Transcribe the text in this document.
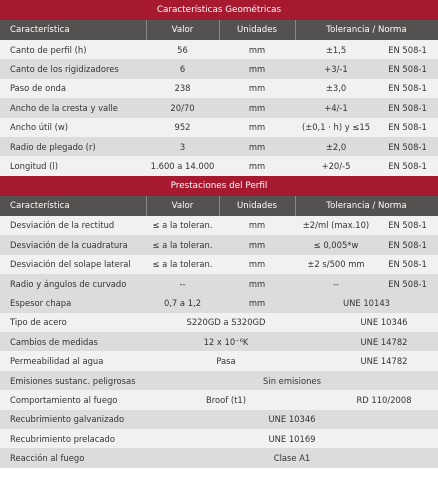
Características Geométricas
Característica	Valor	Unidades	Tolerancia / Norma
Canto de perfil (h)	56	mm	±1,5	EN 508-1
Canto de los rigidizadores	6	mm	+3/-1	EN 508-1
Paso de onda	238	mm	±3,0	EN 508-1
Ancho de la cresta y valle	20/70	mm	+4/-1	EN 508-1
Ancho útil (w)	952	mm	(±0,1 · h) y ≤15	EN 508-1
Radio de plegado (r)	3	mm	±2,0	EN 508-1
Longitud (l)	1.600 a 14.000	mm	+20/-5	EN 508-1
Prestaciones del Perfil
Característica	Valor	Unidades	Tolerancia / Norma
Desviación de la rectitud	≤ a la toleran.	mm	±2/ml (max.10)	EN 508-1
Desviación de la cuadratura	≤ a la toleran.	mm	≤ 0,005*w	EN 508-1
Desviación del solape lateral	≤ a la toleran.	mm	±2 s/500 mm	EN 508-1
Radio y ángulos de curvado	--	mm	--	EN 508-1
Espesor chapa	0,7 a 1,2	mm	UNE 10143
Tipo de acero	S220GD a S320GD	UNE 10346
Cambios de medidas	12 x 10⁻⁶K	UNE 14782
Permeabilidad al agua	Pasa	UNE 14782
Emisiones sustanc. peligrosas	Sin emisiones
Comportamiento al fuego	Broof (t1)	RD 110/2008
Recubrimiento galvanizado	UNE 10346
Recubrimiento prelacado	UNE 10169
Reacción al fuego	Clase A1
